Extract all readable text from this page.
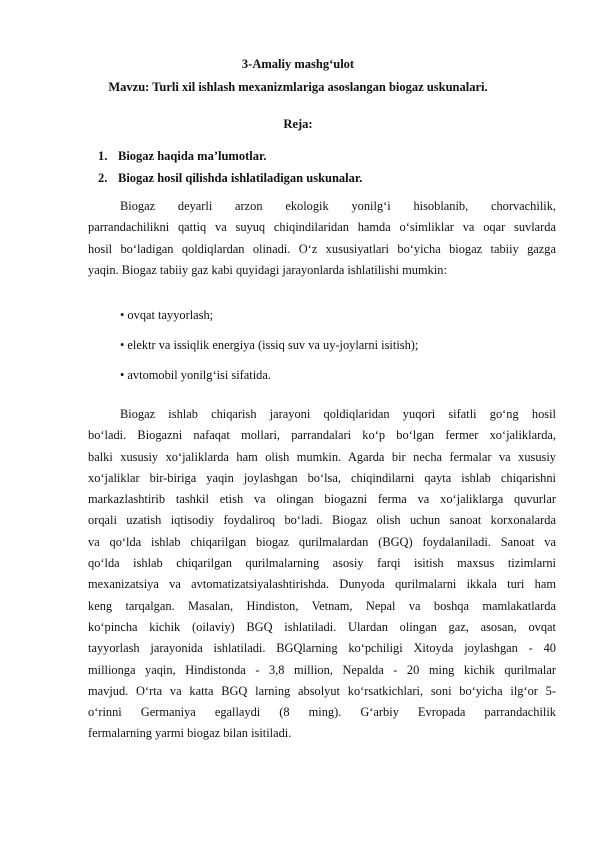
3-Amaliy mashg‘ulot
Mavzu: Turli xil ishlash mexanizmlariga asoslangan biogaz uskunalari.
Reja:
1. Biogaz haqida ma’lumotlar.
2. Biogaz hosil qilishda ishlatiladigan uskunalar.
Biogaz deyarli arzon ekologik yonilg‘i hisoblanib, chorvachilik,
parrandachilikni qattiq va suyuq chiqindilaridan hamda o‘simliklar va oqar suvlarda
hosil bo‘ladigan qoldiqlardan olinadi. O‘z xususiyatlari bo‘yicha biogaz tabiiy gazga
yaqin. Biogaz tabiiy gaz kabi quyidagi jarayonlarda ishlatilishi mumkin:
• ovqat tayyorlash;
• elektr va issiqlik energiya (issiq suv va uy-joylarni isitish);
• avtomobil yonilg‘isi sifatida.
Biogaz ishlab chiqarish jarayoni qoldiqlaridan yuqori sifatli go‘ng hosil
bo‘ladi. Biogazni nafaqat mollari, parrandalari ko‘p bo‘lgan fermer xo‘jaliklarda,
balki xususiy xo‘jaliklarda ham olish mumkin. Agarda bir necha fermalar va xususiy
xo‘jaliklar bir-biriga yaqin joylashgan bo‘lsa, chiqindilarni qayta ishlab chiqarishni
markazlashtirib tashkil etish va olingan biogazni ferma va xo‘jaliklarga quvurlar
orqali uzatish iqtisodiy foydaliroq bo‘ladi. Biogaz olish uchun sanoat korxonalarda
va qo‘lda ishlab chiqarilgan biogaz qurilmalardan (BGQ) foydalaniladi. Sanoat va
qo‘lda ishlab chiqarilgan qurilmalarning asosiy farqi isitish maxsus tizimlarni
mexanizatsiya va avtomatizatsiyalashtirishda. Dunyoda qurilmalarni ikkala turi ham
keng tarqalgan. Masalan, Hindiston, Vetnam, Nepal va boshqa mamlakatlarda
ko‘pincha kichik (oilaviy) BGQ ishlatiladi. Ulardan olingan gaz, asosan, ovqat
tayyorlash jarayonida ishlatiladi. BGQlarning ko‘pchiligi Xitoyda joylashgan - 40
millionga yaqin, Hindistonda - 3,8 million, Nepalda - 20 ming kichik qurilmalar
mavjud. O‘rta va katta BGQ larning absolyut ko‘rsatkichlari, soni bo‘yicha ilg‘or 5-
o‘rinni Germaniya egallaydi (8 ming). G‘arbiy Evropada parrandachilik
fermalarning yarmi biogaz bilan isitiladi.
